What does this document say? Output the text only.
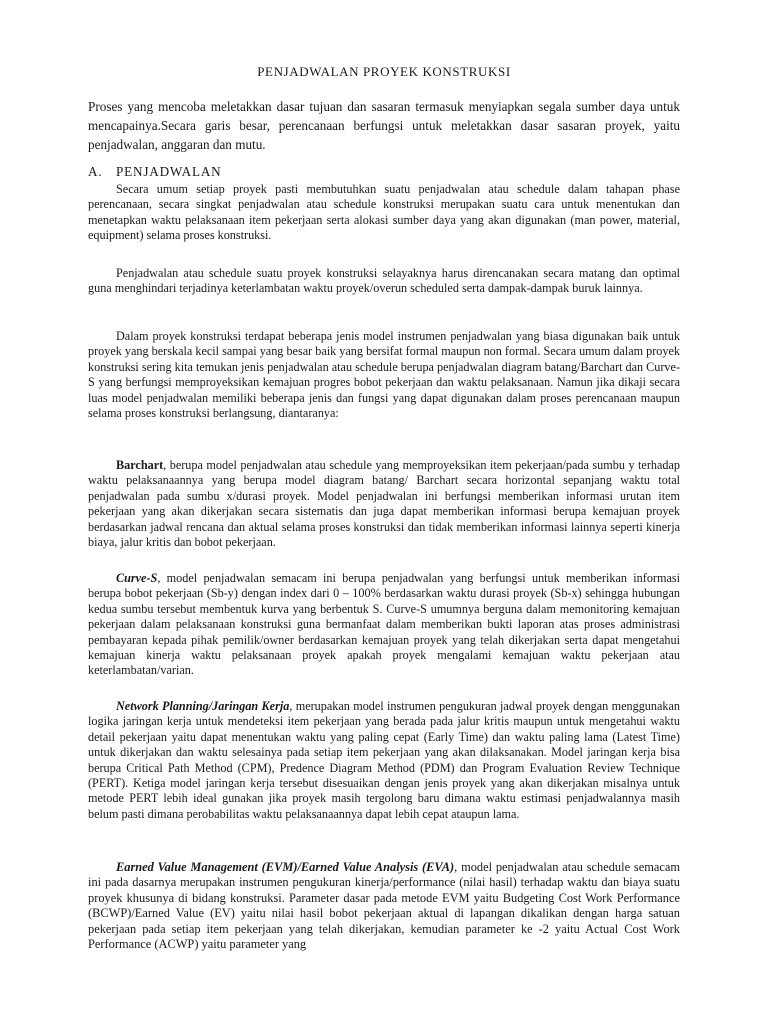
PENJADWALAN PROYEK KONSTRUKSI

Proses yang mencoba meletakkan dasar tujuan dan sasaran termasuk menyiapkan segala sumber daya untuk mencapainya.Secara garis besar, perencanaan berfungsi untuk meletakkan dasar sasaran proyek, yaitu penjadwalan, anggaran dan mutu.

A. PENJADWALAN

Secara umum setiap proyek pasti membutuhkan suatu penjadwalan atau schedule dalam tahapan phase perencanaan, secara singkat penjadwalan atau schedule konstruksi merupakan suatu cara untuk menentukan dan menetapkan waktu pelaksanaan item pekerjaan serta alokasi sumber daya yang akan digunakan (man power, material, equipment) selama proses konstruksi.

Penjadwalan atau schedule suatu proyek konstruksi selayaknya harus direncanakan secara matang dan optimal guna menghindari terjadinya keterlambatan waktu proyek/overun scheduled serta dampak-dampak buruk lainnya.

Dalam proyek konstruksi terdapat beberapa jenis model instrumen penjadwalan yang biasa digunakan baik untuk proyek yang berskala kecil sampai yang besar baik yang bersifat formal maupun non formal. Secara umum dalam proyek konstruksi sering kita temukan jenis penjadwalan atau schedule berupa penjadwalan diagram batang/Barchart dan Curve-S yang berfungsi memproyeksikan kemajuan progres bobot pekerjaan dan waktu pelaksanaan. Namun jika dikaji secara luas model penjadwalan memiliki beberapa jenis dan fungsi yang dapat digunakan dalam proses perencanaan maupun selama proses konstruksi berlangsung, diantaranya:

Barchart, berupa model penjadwalan atau schedule yang memproyeksikan item pekerjaan/pada sumbu y terhadap waktu pelaksanaannya yang berupa model diagram batang/ Barchart secara horizontal sepanjang waktu total penjadwalan pada sumbu x/durasi proyek. Model penjadwalan ini berfungsi memberikan informasi urutan item pekerjaan yang akan dikerjakan secara sistematis dan juga dapat memberikan informasi berupa kemajuan proyek berdasarkan jadwal rencana dan aktual selama proses konstruksi dan tidak memberikan informasi lainnya seperti kinerja biaya, jalur kritis dan bobot pekerjaan.

Curve-S, model penjadwalan semacam ini berupa penjadwalan yang berfungsi untuk memberikan informasi berupa bobot pekerjaan (Sb-y) dengan index dari 0 – 100% berdasarkan waktu durasi proyek (Sb-x) sehingga hubungan kedua sumbu tersebut membentuk kurva yang berbentuk S. Curve-S umumnya berguna dalam memonitoring kemajuan pekerjaan dalam pelaksanaan konstruksi guna bermanfaat dalam memberikan bukti laporan atas proses administrasi pembayaran kepada pihak pemilik/owner berdasarkan kemajuan proyek yang telah dikerjakan serta dapat mengetahui kemajuan kinerja waktu pelaksanaan proyek apakah proyek mengalami kemajuan waktu pekerjaan atau keterlambatan/varian.

Network Planning/Jaringan Kerja, merupakan model instrumen pengukuran jadwal proyek dengan menggunakan logika jaringan kerja untuk mendeteksi item pekerjaan yang berada pada jalur kritis maupun untuk mengetahui waktu detail pekerjaan yaitu dapat menentukan waktu yang paling cepat (Early Time) dan waktu paling lama (Latest Time) untuk dikerjakan dan waktu selesainya pada setiap item pekerjaan yang akan dilaksanakan. Model jaringan kerja bisa berupa Critical Path Method (CPM), Predence Diagram Method (PDM) dan Program Evaluation Review Technique (PERT). Ketiga model jaringan kerja tersebut disesuaikan dengan jenis proyek yang akan dikerjakan misalnya untuk metode PERT lebih ideal gunakan jika proyek masih tergolong baru dimana waktu estimasi penjadwalannya masih belum pasti dimana perobabilitas waktu pelaksanaannya dapat lebih cepat ataupun lama.

Earned Value Management (EVM)/Earned Value Analysis (EVA), model penjadwalan atau schedule semacam ini pada dasarnya merupakan instrumen pengukuran kinerja/performance (nilai hasil) terhadap waktu dan biaya suatu proyek khusunya di bidang konstruksi. Parameter dasar pada metode EVM yaitu Budgeting Cost Work Performance (BCWP)/Earned Value (EV) yaitu nilai hasil bobot pekerjaan aktual di lapangan dikalikan dengan harga satuan pekerjaan pada setiap item pekerjaan yang telah dikerjakan, kemudian parameter ke -2 yaitu Actual Cost Work Performance (ACWP) yaitu parameter yang
